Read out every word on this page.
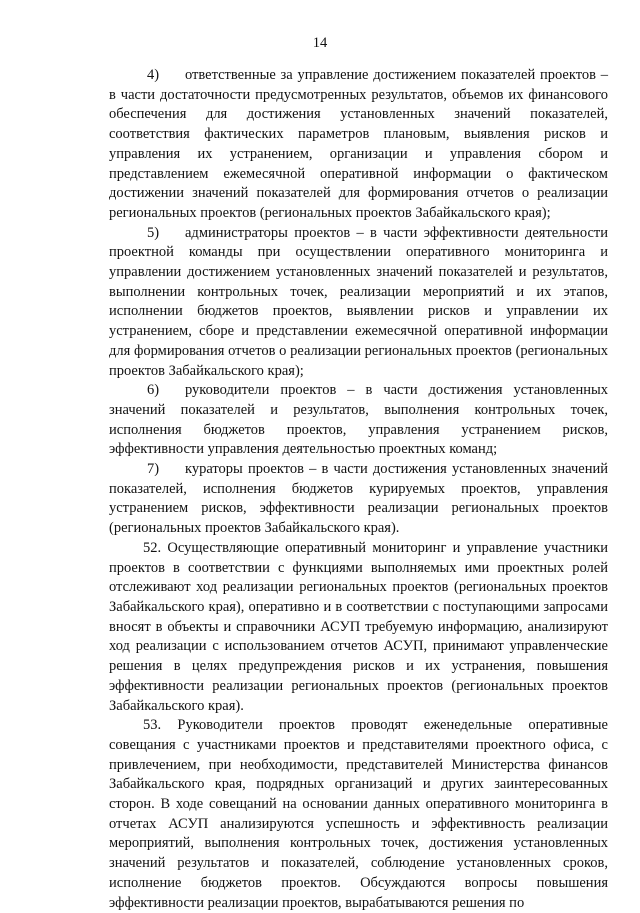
14

4) ответственные за управление достижением показателей проектов – в части достаточности предусмотренных результатов, объемов их финансового обеспечения для достижения установленных значений показателей, соответствия фактических параметров плановым, выявления рисков и управления их устранением, организации и управления сбором и представлением ежемесячной оперативной информации о фактическом достижении значений показателей для формирования отчетов о реализации региональных проектов (региональных проектов Забайкальского края);

5) администраторы проектов – в части эффективности деятельности проектной команды при осуществлении оперативного мониторинга и управлении достижением установленных значений показателей и результатов, выполнении контрольных точек, реализации мероприятий и их этапов, исполнении бюджетов проектов, выявлении рисков и управлении их устранением, сборе и представлении ежемесячной оперативной информации для формирования отчетов о реализации региональных проектов (региональных проектов Забайкальского края);

6) руководители проектов – в части достижения установленных значений показателей и результатов, выполнения контрольных точек, исполнения бюджетов проектов, управления устранением рисков, эффективности управления деятельностью проектных команд;

7) кураторы проектов – в части достижения установленных значений показателей, исполнения бюджетов курируемых проектов, управления устранением рисков, эффективности реализации региональных проектов (региональных проектов Забайкальского края).

52. Осуществляющие оперативный мониторинг и управление участники проектов в соответствии с функциями выполняемых ими проектных ролей отслеживают ход реализации региональных проектов (региональных проектов Забайкальского края), оперативно и в соответствии с поступающими запросами вносят в объекты и справочники АСУП требуемую информацию, анализируют ход реализации с использованием отчетов АСУП, принимают управленческие решения в целях предупреждения рисков и их устранения, повышения эффективности реализации региональных проектов (региональных проектов Забайкальского края).

53. Руководители проектов проводят еженедельные оперативные совещания с участниками проектов и представителями проектного офиса, с привлечением, при необходимости, представителей Министерства финансов Забайкальского края, подрядных организаций и других заинтересованных сторон. В ходе совещаний на основании данных оперативного мониторинга в отчетах АСУП анализируются успешность и эффективность реализации мероприятий, выполнения контрольных точек, достижения установленных значений результатов и показателей, соблюдение установленных сроков, исполнение бюджетов проектов. Обсуждаются вопросы повышения эффективности реализации проектов, вырабатываются решения по
